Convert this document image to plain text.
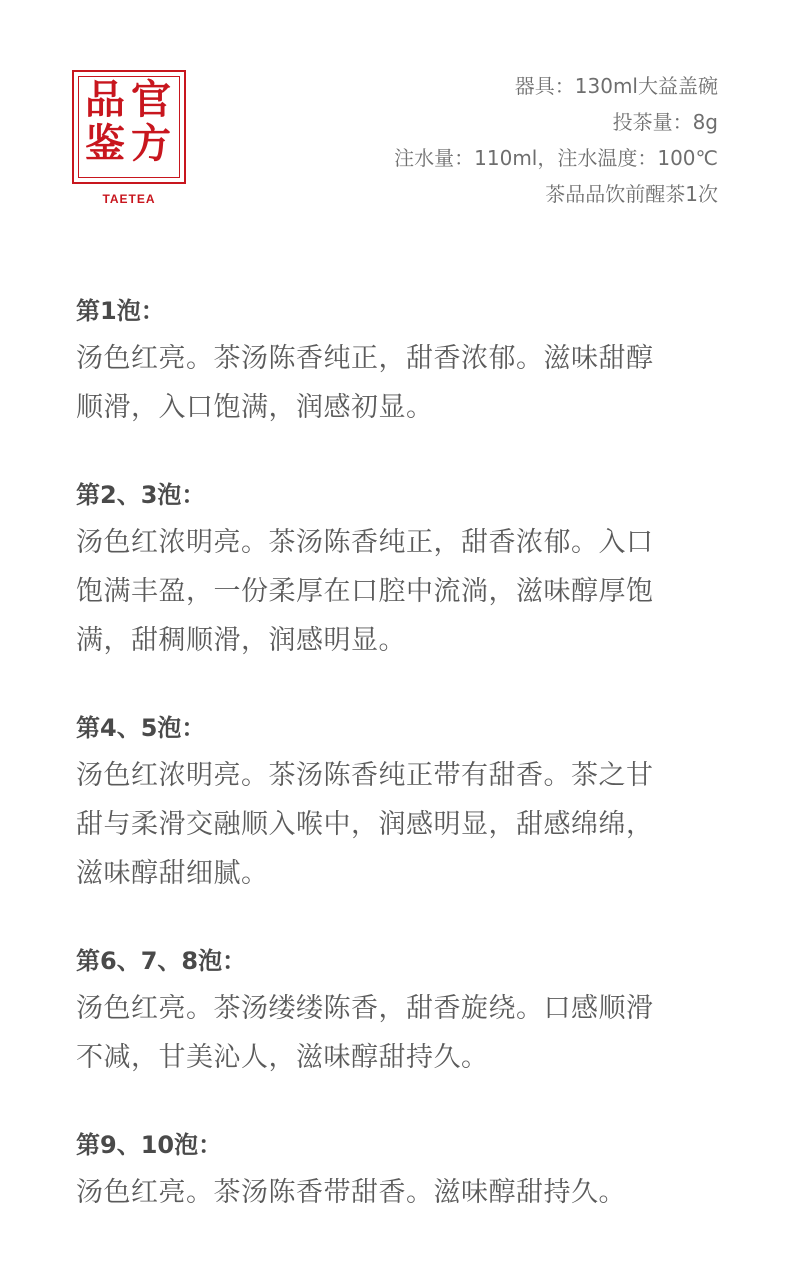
品 官
鉴 方
TAETEA
器具：130ml大益盖碗
投茶量：8g
注水量：110ml，注水温度：100℃
茶品品饮前醒茶1次
第1泡：
汤色红亮。茶汤陈香纯正，甜香浓郁。滋味甜醇
顺滑，入口饱满，润感初显。
第2、3泡：
汤色红浓明亮。茶汤陈香纯正，甜香浓郁。入口
饱满丰盈，一份柔厚在口腔中流淌，滋味醇厚饱
满，甜稠顺滑，润感明显。
第4、5泡：
汤色红浓明亮。茶汤陈香纯正带有甜香。茶之甘
甜与柔滑交融顺入喉中，润感明显，甜感绵绵，
滋味醇甜细腻。
第6、7、8泡：
汤色红亮。茶汤缕缕陈香，甜香旋绕。口感顺滑
不减，甘美沁人，滋味醇甜持久。
第9、10泡：
汤色红亮。茶汤陈香带甜香。滋味醇甜持久。
